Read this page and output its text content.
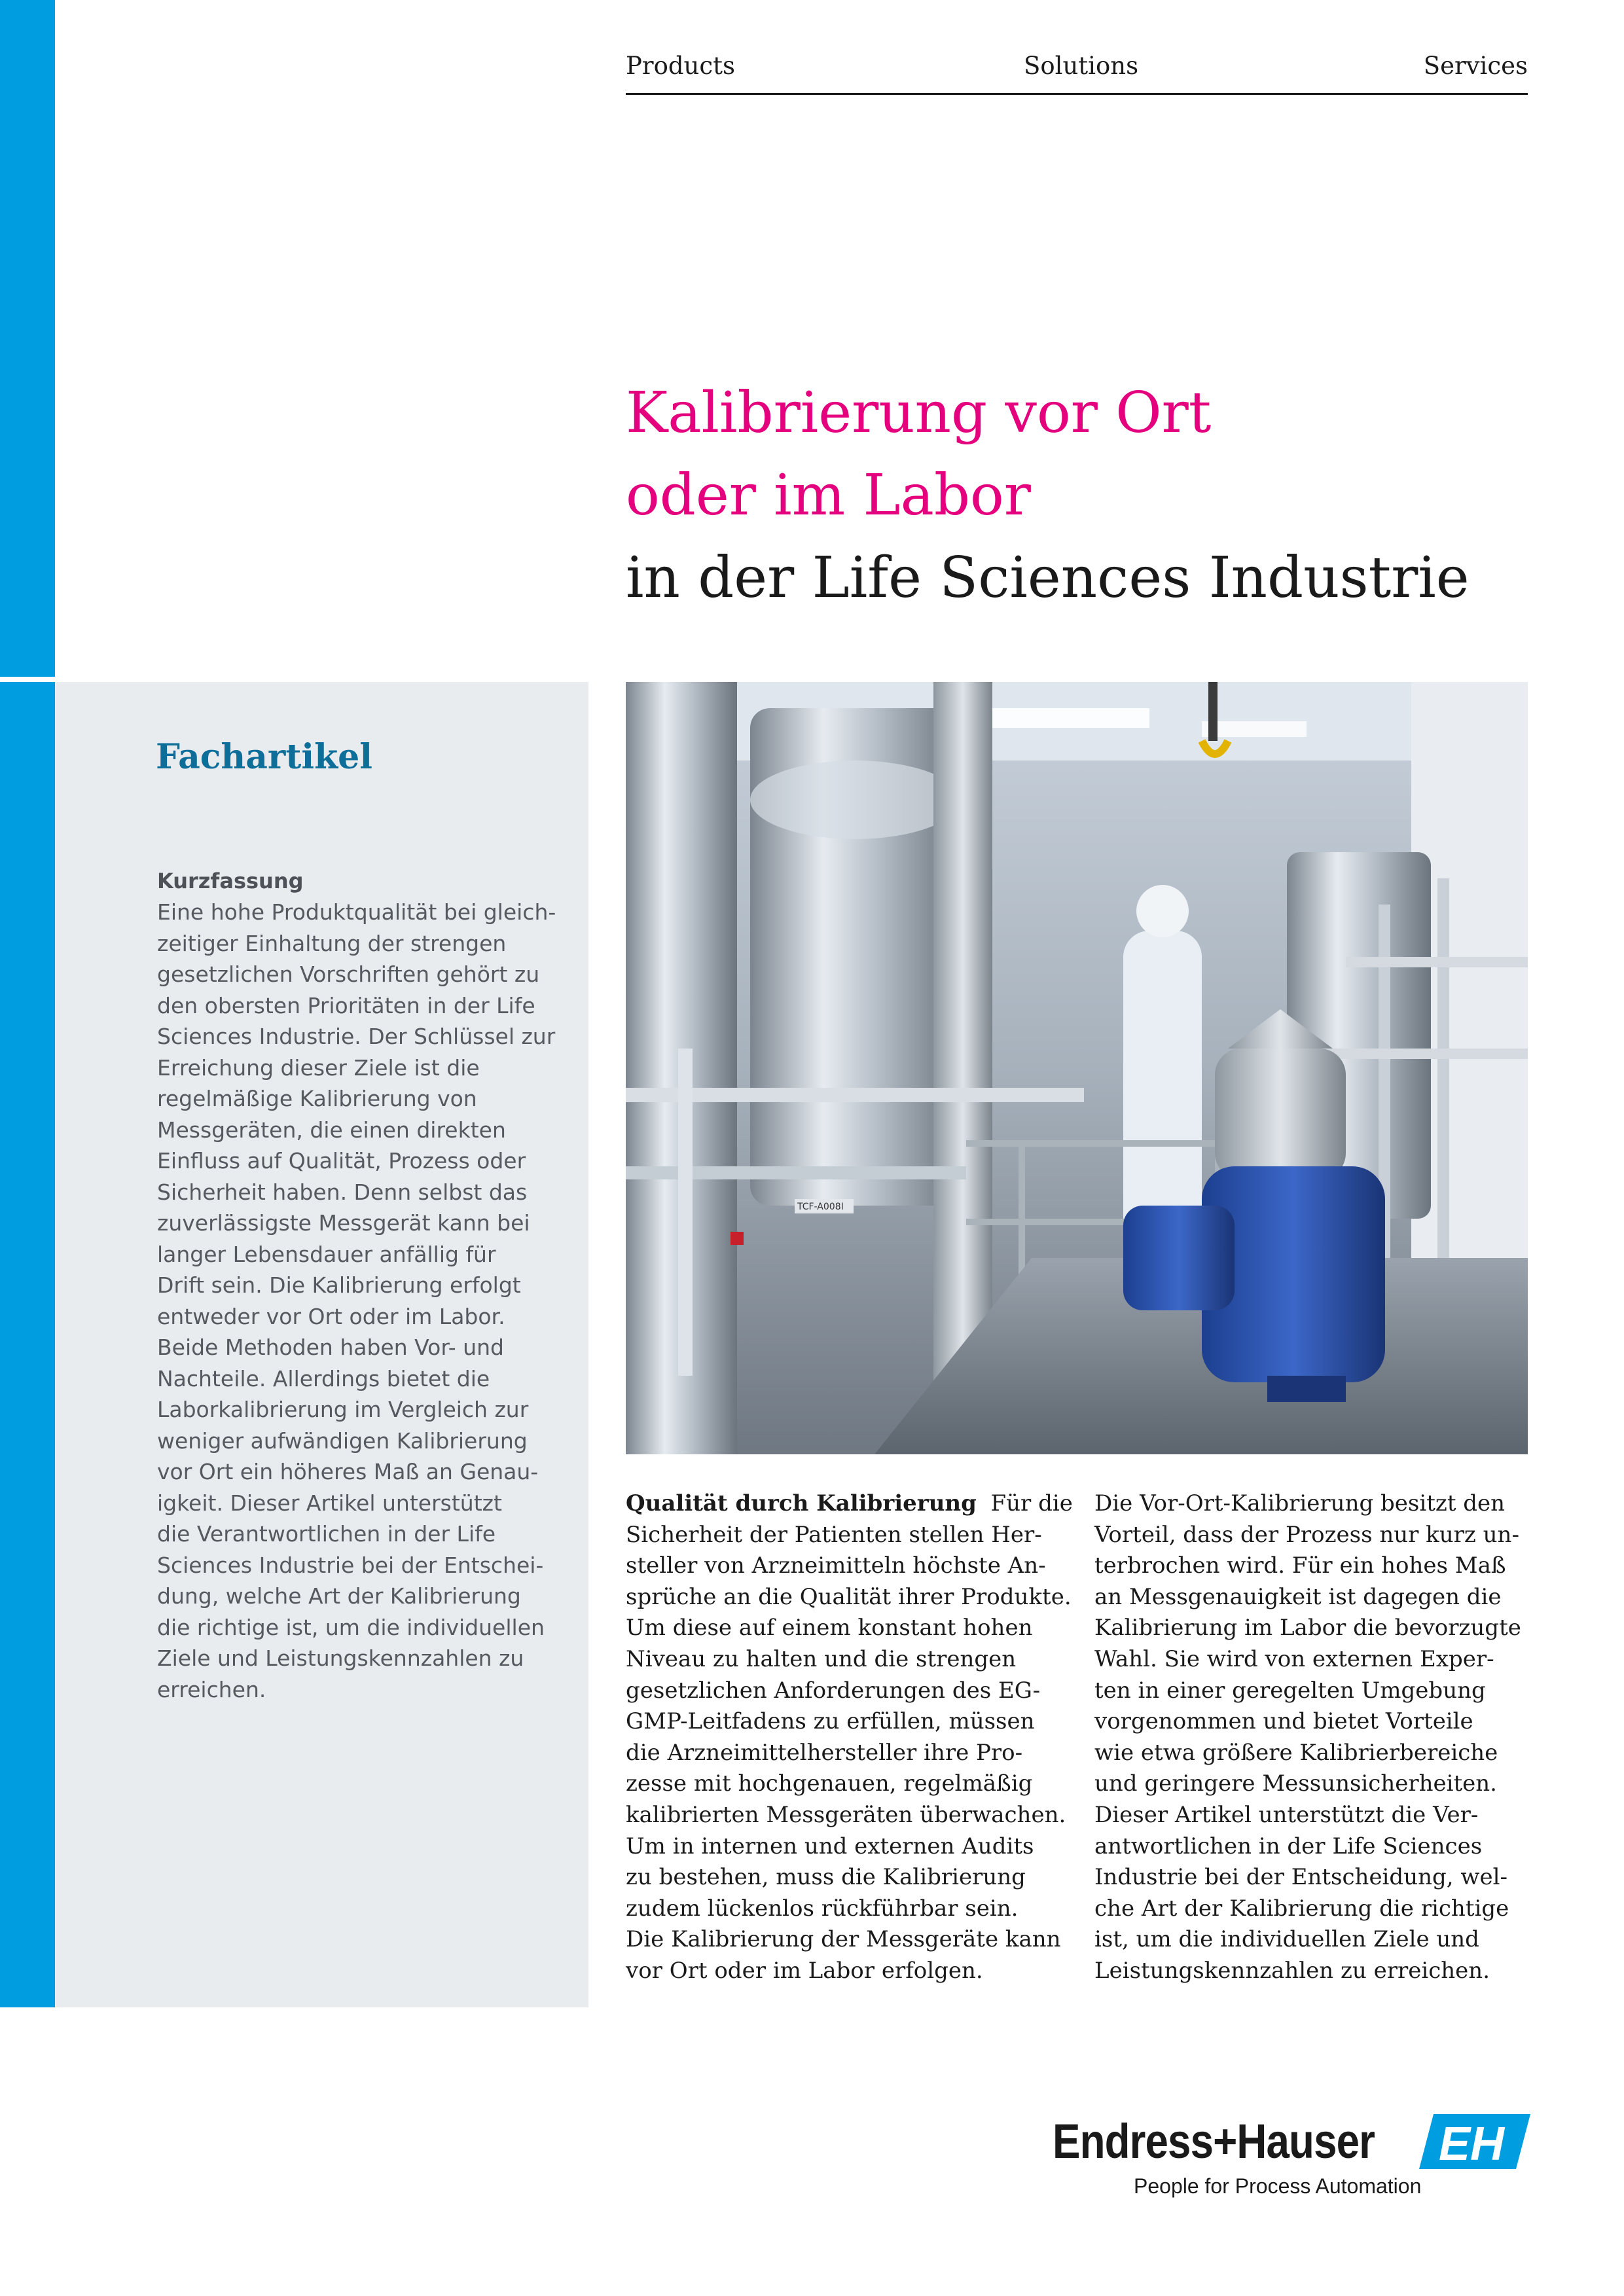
Products	Solutions	Services
Kalibrierung vor Ort
oder im Labor
in der Life Sciences Industrie
TCF-A008I
Fachartikel
Kurzfassung
Eine hohe Produktqualität bei gleich-
zeitiger Einhaltung der strengen
gesetzlichen Vorschriften gehört zu
den obersten Prioritäten in der Life
Sciences Industrie. Der Schlüssel zur
Erreichung dieser Ziele ist die
regelmäßige Kalibrierung von
Messgeräten, die einen direkten
Einfluss auf Qualität, Prozess oder
Sicherheit haben. Denn selbst das
zuverlässigste Messgerät kann bei
langer Lebensdauer anfällig für
Drift sein. Die Kalibrierung erfolgt
entweder vor Ort oder im Labor.
Beide Methoden haben Vor- und
Nachteile. Allerdings bietet die
Laborkalibrierung im Vergleich zur
weniger aufwändigen Kalibrierung
vor Ort ein höheres Maß an Genau-
igkeit. Dieser Artikel unterstützt
die Verantwortlichen in der Life
Sciences Industrie bei der Entschei-
dung, welche Art der Kalibrierung
die richtige ist, um die individuellen
Ziele und Leistungskennzahlen zu
erreichen.
Qualität durch Kalibrierung Für die
Sicherheit der Patienten stellen Her-
steller von Arzneimitteln höchste An-
sprüche an die Qualität ihrer Produkte.
Um diese auf einem konstant hohen
Niveau zu halten und die strengen
gesetzlichen Anforderungen des EG-
GMP-Leitfadens zu erfüllen, müssen
die Arzneimittelhersteller ihre Pro-
zesse mit hochgenauen, regelmäßig
kalibrierten Messgeräten überwachen.
Um in internen und externen Audits
zu bestehen, muss die Kalibrierung
zudem lückenlos rückführbar sein.
Die Kalibrierung der Messgeräte kann
vor Ort oder im Labor erfolgen.
Die Vor-Ort-Kalibrierung besitzt den
Vorteil, dass der Prozess nur kurz un-
terbrochen wird. Für ein hohes Maß
an Messgenauigkeit ist dagegen die
Kalibrierung im Labor die bevorzugte
Wahl. Sie wird von externen Exper-
ten in einer geregelten Umgebung
vorgenommen und bietet Vorteile
wie etwa größere Kalibrierbereiche
und geringere Messunsicherheiten.
Dieser Artikel unterstützt die Ver-
antwortlichen in der Life Sciences
Industrie bei der Entscheidung, wel-
che Art der Kalibrierung die richtige
ist, um die individuellen Ziele und
Leistungskennzahlen zu erreichen.
Endress+Hauser
People for Process Automation
EH
